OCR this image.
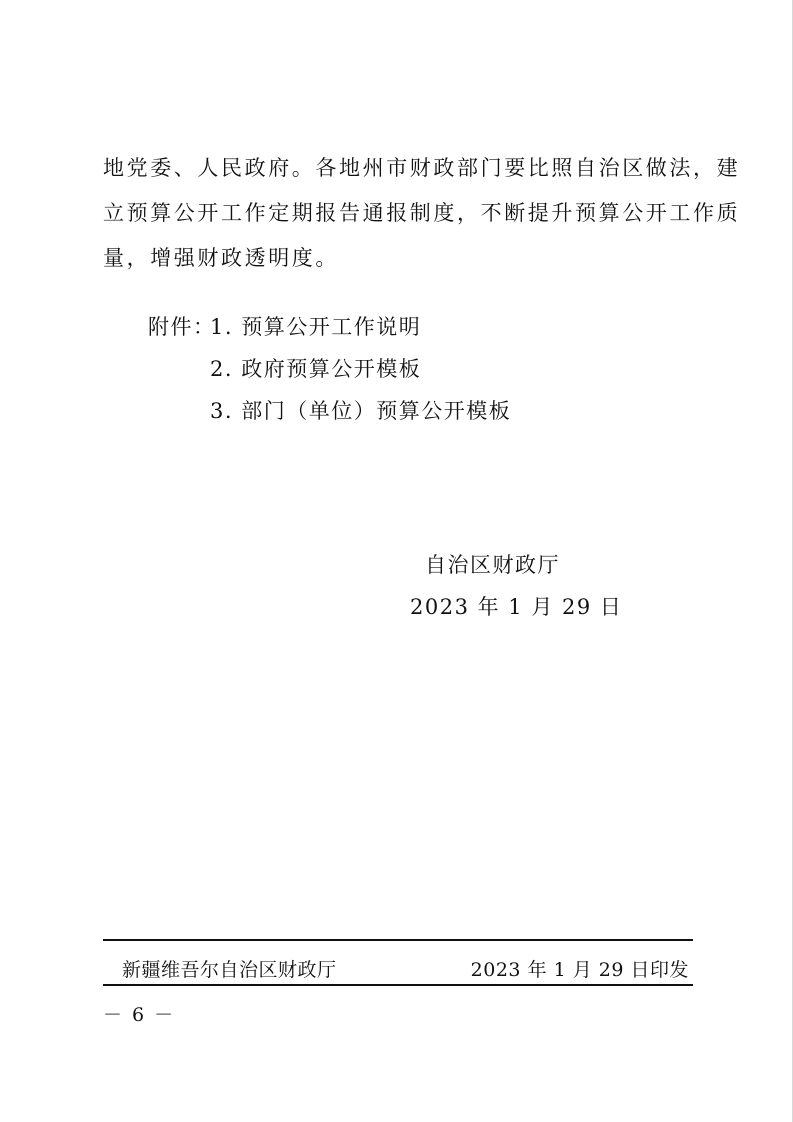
地党委、人民政府。各地州市财政部门要比照自治区做法，建
立预算公开工作定期报告通报制度，不断提升预算公开工作质
量，增强财政透明度。
附件：
1. 预算公开工作说明
2. 政府预算公开模板
3. 部门（单位）预算公开模板
自治区财政厅
2023 年 1 月 29 日
新疆维吾尔自治区财政厅	2023 年 1 月 29 日印发
－ 6 －
